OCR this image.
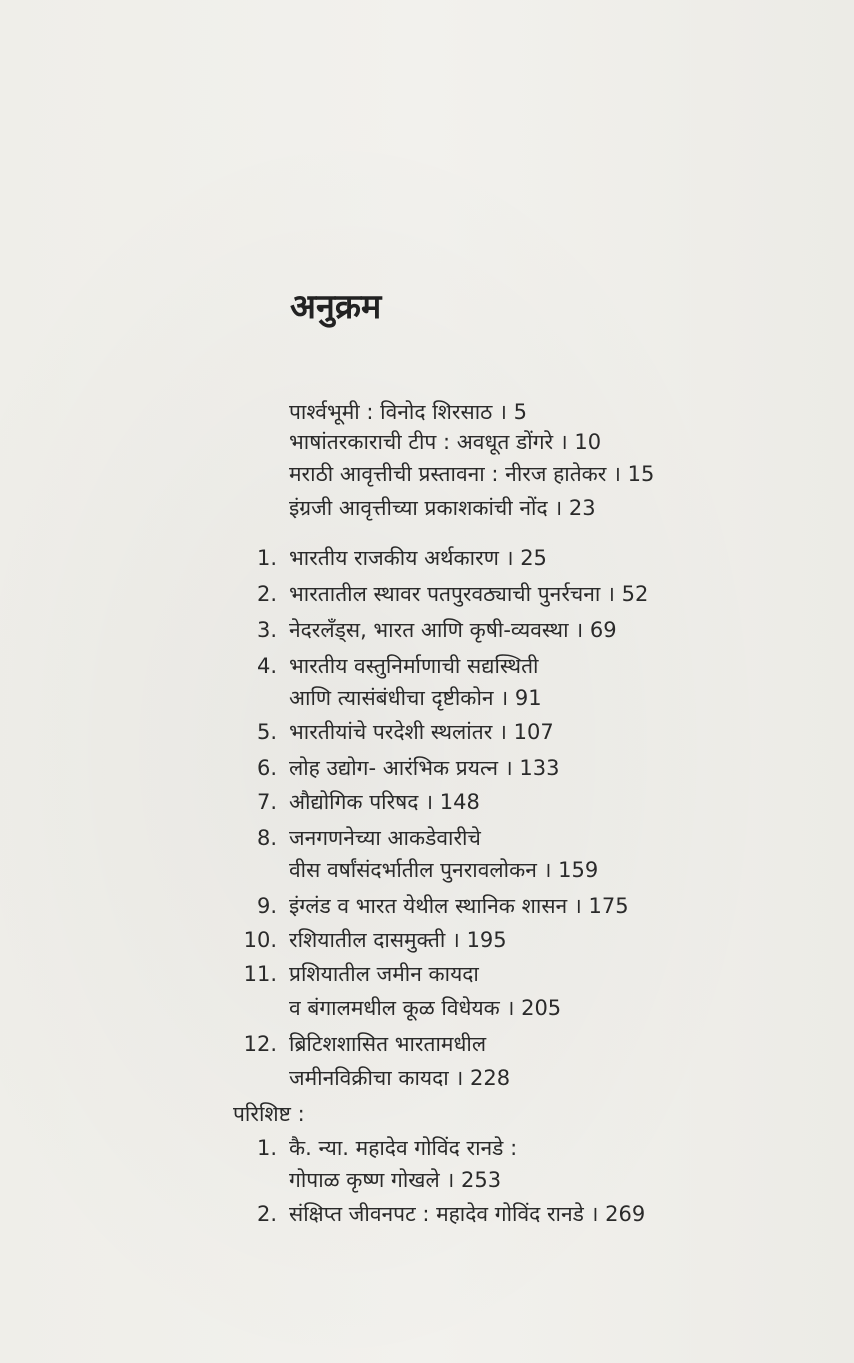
अनुक्रम
पार्श्वभूमी : विनोद शिरसाठ । 5
भाषांतरकाराची टीप : अवधूत डोंगरे । 10
मराठी आवृत्तीची प्रस्तावना : नीरज हातेकर । 15
इंग्रजी आवृत्तीच्या प्रकाशकांची नोंद । 23
1. भारतीय राजकीय अर्थकारण । 25
2. भारतातील स्थावर पतपुरवठ्याची पुनर्रचना । 52
3. नेदरलँड्स, भारत आणि कृषी-व्यवस्था । 69
4. भारतीय वस्तुनिर्माणाची सद्यस्थिती
आणि त्यासंबंधीचा दृष्टीकोन । 91
5. भारतीयांचे परदेशी स्थलांतर । 107
6. लोह उद्योग- आरंभिक प्रयत्न । 133
7. औद्योगिक परिषद । 148
8. जनगणनेच्या आकडेवारीचे
वीस वर्षांसंदर्भातील पुनरावलोकन । 159
9. इंग्लंड व भारत येथील स्थानिक शासन । 175
10. रशियातील दासमुक्ती । 195
11. प्रशियातील जमीन कायदा
व बंगालमधील कूळ विधेयक । 205
12. ब्रिटिशशासित भारतामधील
जमीनविक्रीचा कायदा । 228
परिशिष्ट :
1. कै. न्या. महादेव गोविंद रानडे :
गोपाळ कृष्ण गोखले । 253
2. संक्षिप्त जीवनपट : महादेव गोविंद रानडे । 269
